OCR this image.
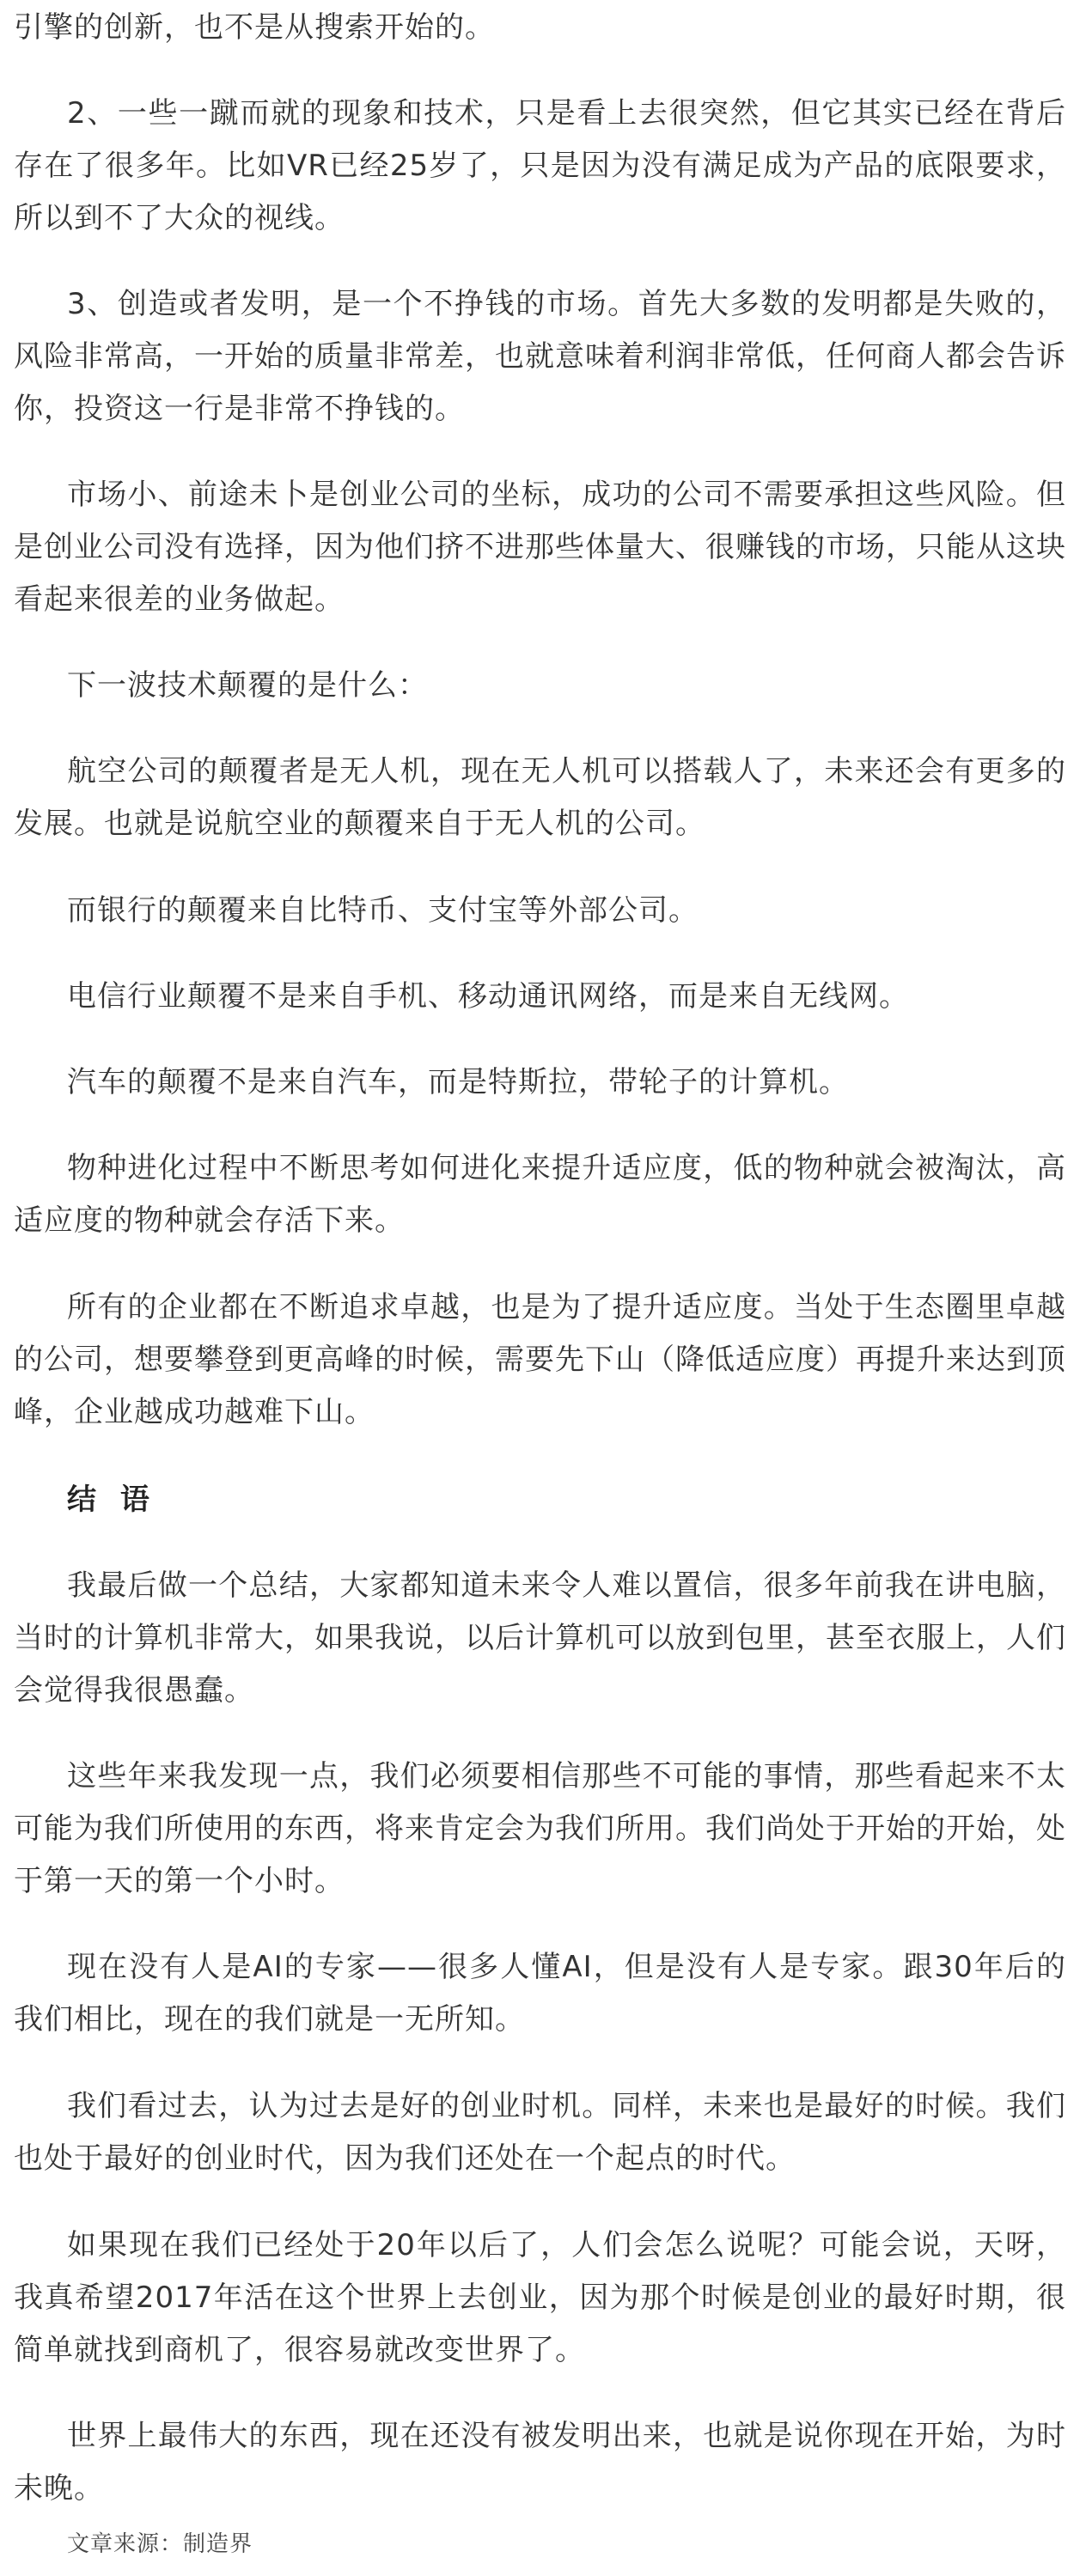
引擎的创新，也不是从搜索开始的。

2、一些一蹴而就的现象和技术，只是看上去很突然，但它其实已经在背后存在了很多年。比如VR已经25岁了，只是因为没有满足成为产品的底限要求，所以到不了大众的视线。

3、创造或者发明，是一个不挣钱的市场。首先大多数的发明都是失败的，风险非常高，一开始的质量非常差，也就意味着利润非常低，任何商人都会告诉你，投资这一行是非常不挣钱的。

市场小、前途未卜是创业公司的坐标，成功的公司不需要承担这些风险。但是创业公司没有选择，因为他们挤不进那些体量大、很赚钱的市场，只能从这块看起来很差的业务做起。

下一波技术颠覆的是什么：

航空公司的颠覆者是无人机，现在无人机可以搭载人了，未来还会有更多的发展。也就是说航空业的颠覆来自于无人机的公司。

而银行的颠覆来自比特币、支付宝等外部公司。

电信行业颠覆不是来自手机、移动通讯网络，而是来自无线网。

汽车的颠覆不是来自汽车，而是特斯拉，带轮子的计算机。

物种进化过程中不断思考如何进化来提升适应度，低的物种就会被淘汰，高适应度的物种就会存活下来。

所有的企业都在不断追求卓越，也是为了提升适应度。当处于生态圈里卓越的公司，想要攀登到更高峰的时候，需要先下山（降低适应度）再提升来达到顶峰，企业越成功越难下山。

结 语

我最后做一个总结，大家都知道未来令人难以置信，很多年前我在讲电脑，当时的计算机非常大，如果我说，以后计算机可以放到包里，甚至衣服上，人们会觉得我很愚蠢。

这些年来我发现一点，我们必须要相信那些不可能的事情，那些看起来不太可能为我们所使用的东西，将来肯定会为我们所用。我们尚处于开始的开始，处于第一天的第一个小时。

现在没有人是AI的专家——很多人懂AI，但是没有人是专家。跟30年后的我们相比，现在的我们就是一无所知。

我们看过去，认为过去是好的创业时机。同样，未来也是最好的时候。我们也处于最好的创业时代，因为我们还处在一个起点的时代。

如果现在我们已经处于20年以后了，人们会怎么说呢？可能会说，天呀，我真希望2017年活在这个世界上去创业，因为那个时候是创业的最好时期，很简单就找到商机了，很容易就改变世界了。

世界上最伟大的东西，现在还没有被发明出来，也就是说你现在开始，为时未晚。

文章来源：制造界
